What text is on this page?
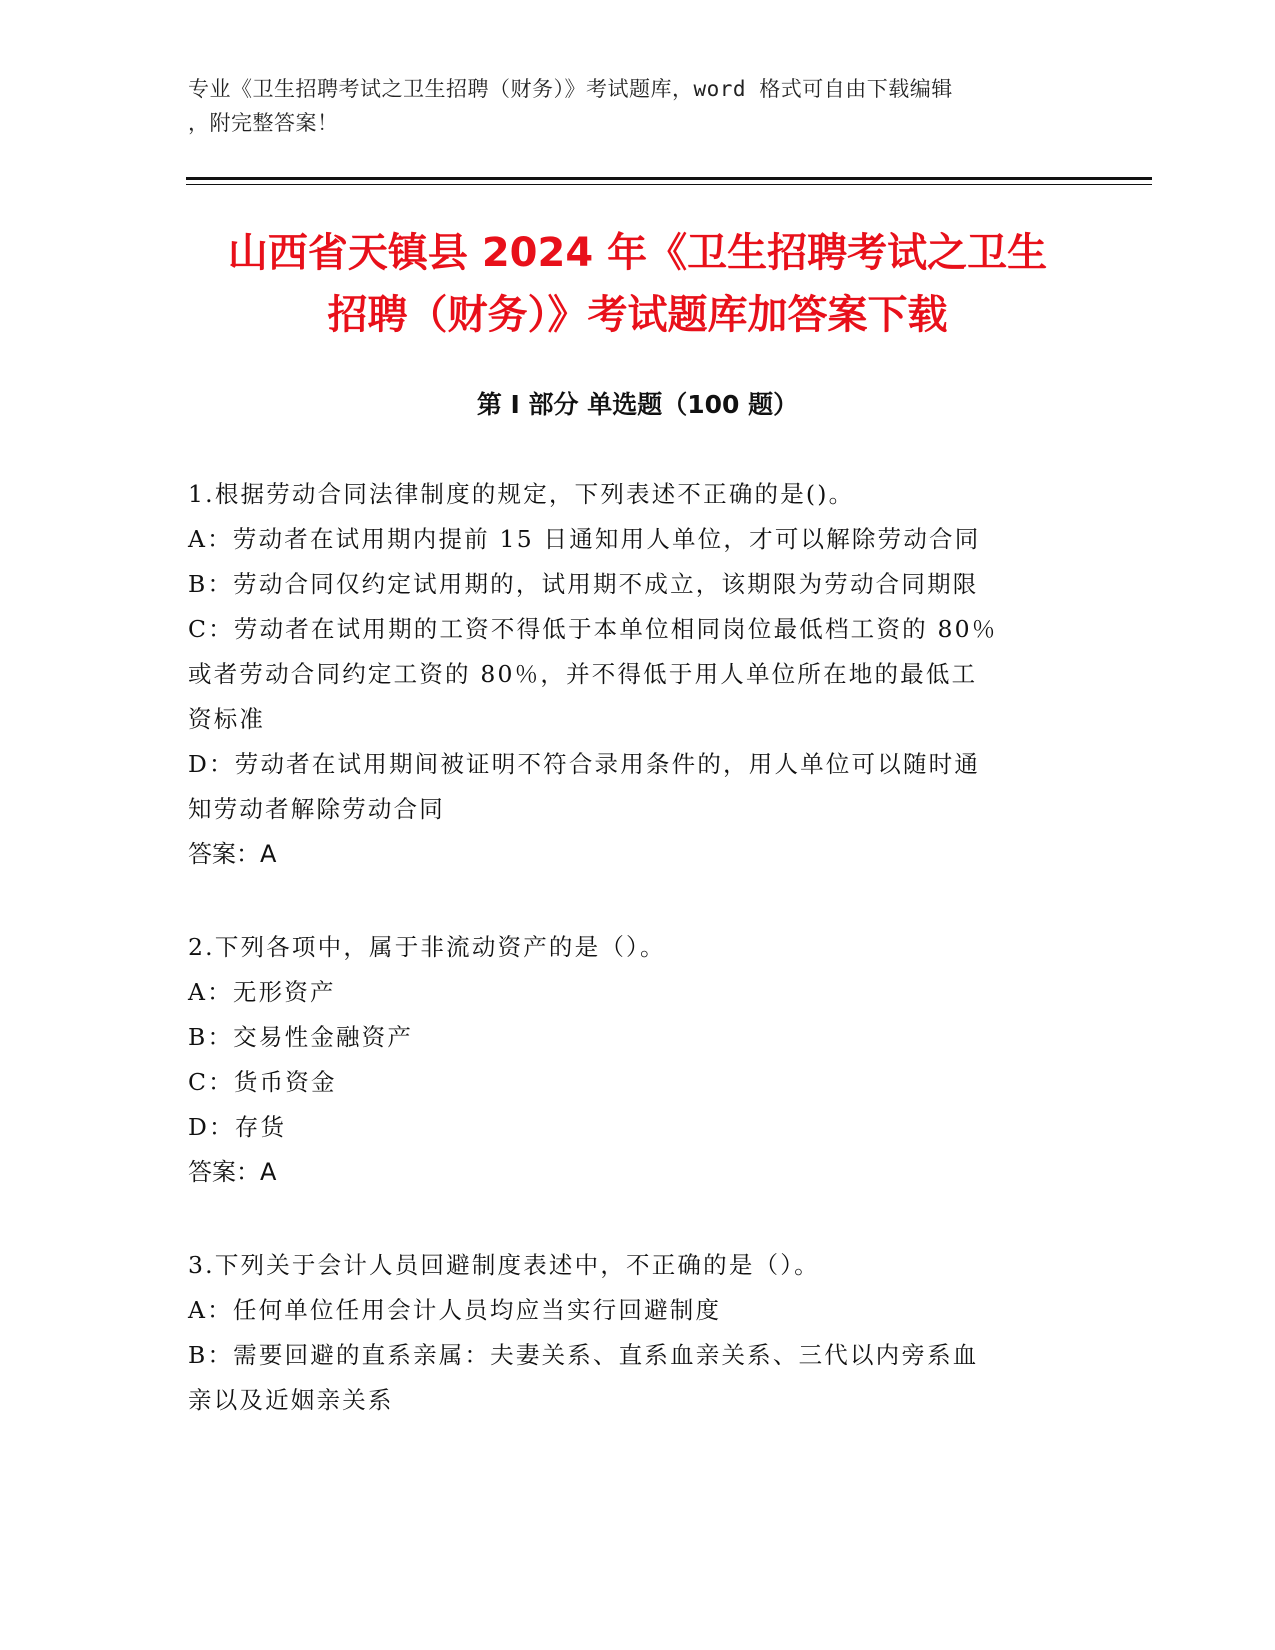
专业《卫生招聘考试之卫生招聘（财务）》考试题库，word 格式可自由下载编辑
，附完整答案！
山西省天镇县 2024 年《卫生招聘考试之卫生
招聘（财务）》考试题库加答案下载
第 I 部分 单选题（100 题）

1.根据劳动合同法律制度的规定，下列表述不正确的是()。

A：劳动者在试用期内提前 15 日通知用人单位，才可以解除劳动合同

B：劳动合同仅约定试用期的，试用期不成立，该期限为劳动合同期限

C：劳动者在试用期的工资不得低于本单位相同岗位最低档工资的 80％

或者劳动合同约定工资的 80％，并不得低于用人单位所在地的最低工

资标准

D：劳动者在试用期间被证明不符合录用条件的，用人单位可以随时通

知劳动者解除劳动合同

答案：A

2.下列各项中，属于非流动资产的是（）。

A：无形资产

B：交易性金融资产

C：货币资金

D：存货

答案：A

3.下列关于会计人员回避制度表述中，不正确的是（）。

A：任何单位任用会计人员均应当实行回避制度

B：需要回避的直系亲属：夫妻关系、直系血亲关系、三代以内旁系血

亲以及近姻亲关系
